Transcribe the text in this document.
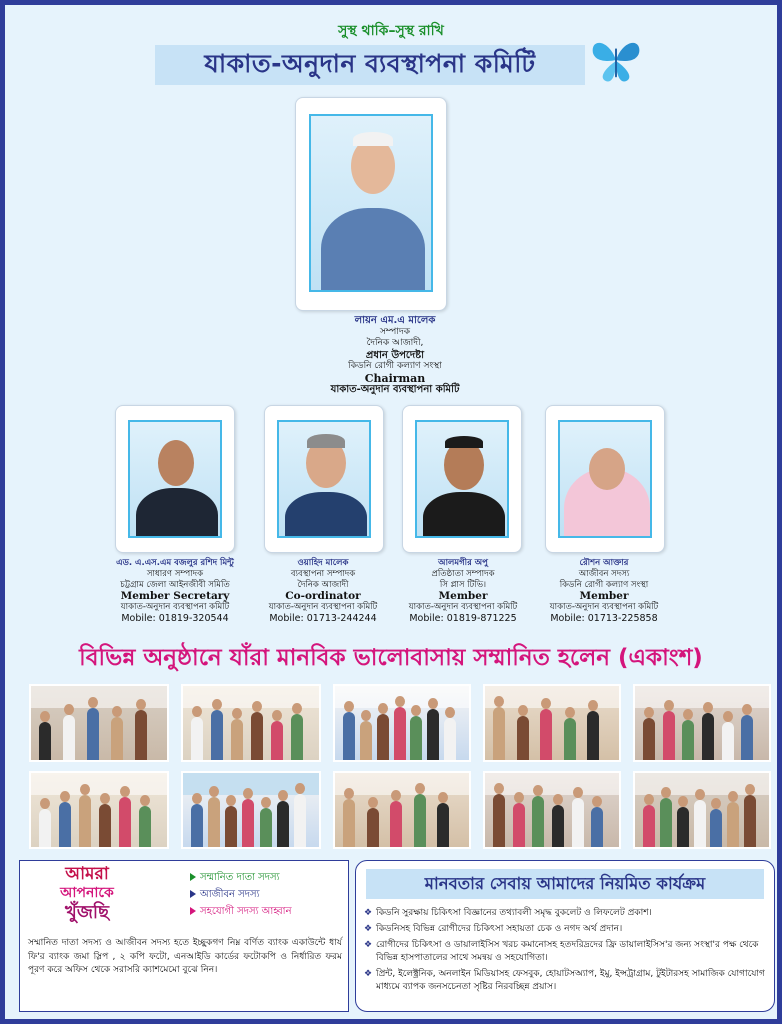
সুস্থ থাকি–সুস্থ রাখি
যাকাত-অনুদান ব্যবস্থাপনা কমিটি
লায়ন এম.এ মালেক
সম্পাদক
দৈনিক আজাদী,
প্রধান উপদেষ্টা
কিডনি রোগী কল্যাণ সংস্থা
Chairman
যাকাত-অনুদান ব্যবস্থাপনা কমিটি
এড. এ.এস.এম বজলুর রশিদ মিন্টু
সাধারণ সম্পাদক
চট্টগ্রাম জেলা আইনজীবী সমিতি
Member Secretary
যাকাত-অনুদান ব্যবস্থাপনা কমিটি
Mobile: 01819-320544
ওয়াহিদ মালেক
ব্যবস্থাপনা সম্পাদক
দৈনিক আজাদী
Co-ordinator
যাকাত-অনুদান ব্যবস্থাপনা কমিটি
Mobile: 01713-244244
আলমগীর অপু
প্রতিষ্ঠাতা সম্পাদক
সি প্লাস টিভি।
Member
যাকাত-অনুদান ব্যবস্থাপনা কমিটি
Mobile: 01819-871225
রৌশন আক্তার
আজীবন সদস্য
কিডনি রোগী কল্যাণ সংস্থা
Member
যাকাত-অনুদান ব্যবস্থাপনা কমিটি
Mobile: 01713-225858
বিভিন্ন অনুষ্ঠানে যাঁরা মানবিক ভালোবাসায় সম্মানিত হলেন (একাংশ)
আমরা
আপনাকে
খুঁজছি
সম্মানিত দাতা সদস্য
আজীবন সদস্য
সহযোগী সদস্য আহ্বান
সম্মানিত দাতা সদস্য ও আজীবন সদস্য হতে ইচ্ছুকগণ নিম্ন বর্ণিত ব্যাংক একাউন্টে ধার্য ফি'র ব্যাংক জমা স্লিপ , ২ কপি ফটো, এনআইডি কার্ডের ফটোকপি ও নির্ধারিত ফরম পূরণ করে অফিস থেকে সরাসরি ক্যাশমেমো বুঝে নিন।
মানবতার সেবায় আমাদের নিয়মিত কার্যক্রম
❖ কিডনি সুরক্ষায় চিকিৎসা বিজ্ঞানের তথ্যাবলী সমৃদ্ধ বুকলেট ও লিফলেট প্রকাশ।
❖ কিডনিসহ বিভিন্ন রোগীদের চিকিৎসা সহায়তা চেক ও নগদ অর্থ প্রদান।
❖ রোগীদের চিকিৎসা ও ডায়ালাইসিস খরচ কমানোসহ হতদরিদ্রদের ফ্রি ডায়ালাইসিস'র জন্য সংস্থা'র পক্ষ থেকে বিভিন্ন হাসপাতালের সাথে সমন্বয় ও সহযোগিতা।
❖ প্রিন্ট, ইলেক্ট্রনিক, অনলাইন মিডিয়াসহ ফেসবুক, হোয়াটসঅ্যাপ, ইমু, ইন্সট্রাগ্রাম, টুইটারসহ সামাজিক যোগাযোগ মাধ্যমে ব্যাপক জনসচেনতা সৃষ্টির নিরবচ্ছিন্ন প্রয়াস।
